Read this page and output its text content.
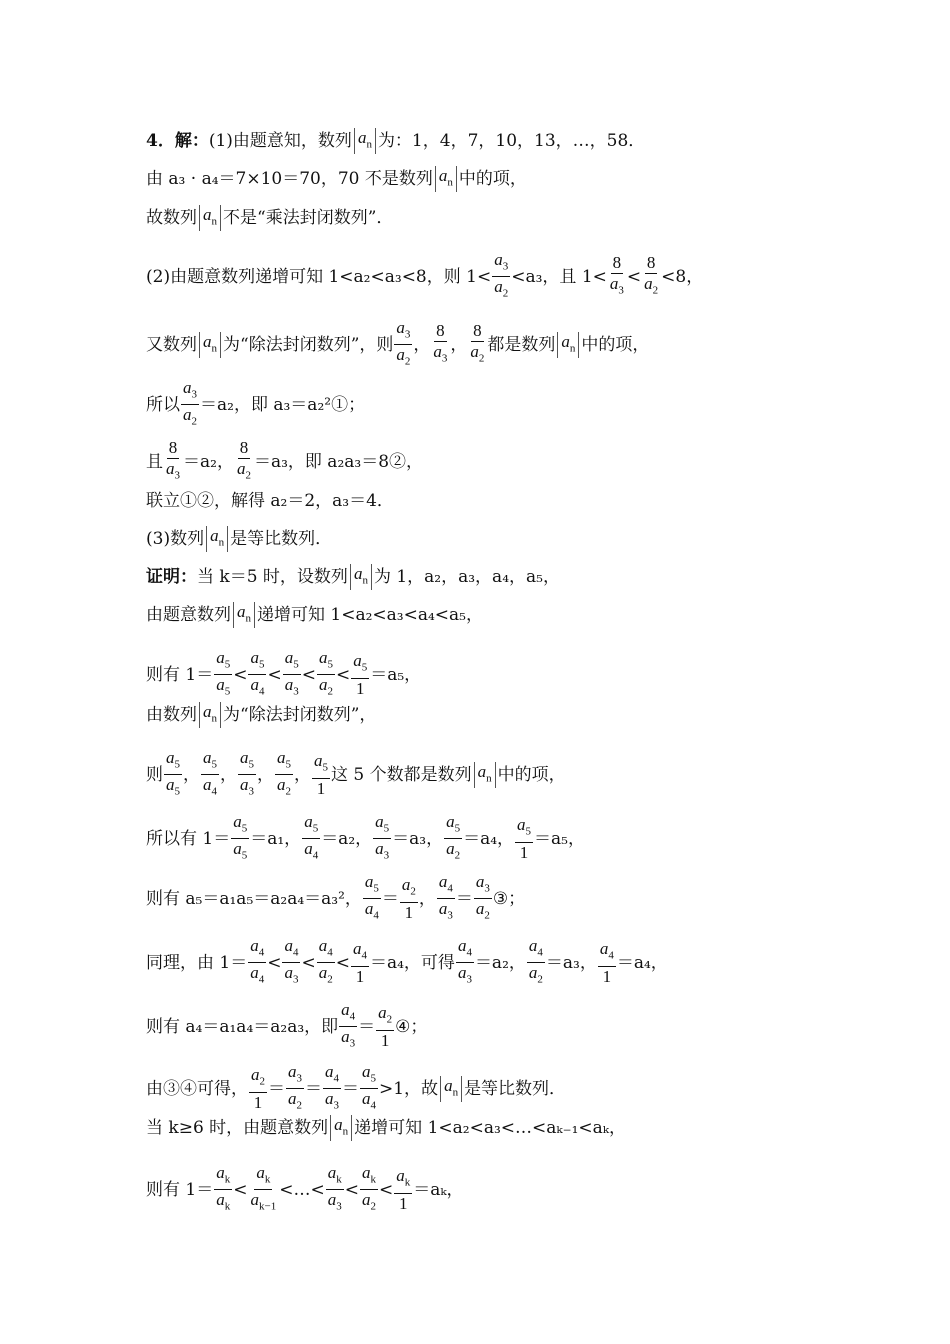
4． 解： (1)由题意知，数列 $a_n$ 为：1，4，7，10，13，…，58．
由 a₃ · a₄＝7×10＝70，70 不是数列 $a_n$ 中的项，
故数列 $a_n$ 不是“乘法封闭数列”．
(2)由题意数列递增可知 1<a₂<a₃<8，则 $1< \frac{a_3}{a_2} <a_3$，且 $1< \frac{8}{a_3} < \frac{8}{a_2} <8$，
又数列 $a_n$ 为“除法封闭数列”，则 $\frac{a_3}{a_2}$ ， $\frac{8}{a_3}$ ， $\frac{8}{a_2}$ 都是数列 $a_n$ 中的项，
所以 $\frac{a_3}{a_2} =a_2$，即 a₃＝a₂²①；
且 $\frac{8}{a_3} =a_2$， $\frac{8}{a_2} =a_3$，即 a₂a₃＝8②，
联立①②，解得 a₂＝2，a₃＝4．
(3)数列 $a_n$ 是等比数列．
证明： 当 k＝5 时，设数列 $a_n$ 为 1，a₂，a₃，a₄，a₅，
由题意数列 $a_n$ 递增可知 1<a₂<a₃<a₄<a₅，
则有 $1= \frac{a_5}{a_5} < \frac{a_5}{a_4} < \frac{a_5}{a_3} < \frac{a_5}{a_2} < \frac{a_5}{1} =a_5$，
由数列 $a_n$ 为“除法封闭数列”，
则 $\frac{a_5}{a_5}$ ， $\frac{a_5}{a_4}$ ， $\frac{a_5}{a_3}$ ， $\frac{a_5}{a_2}$ ， $\frac{a_5}{1}$ 这 5 个数都是数列 $a_n$ 中的项，
所以有 $1= \frac{a_5}{a_5} =a_1$， $\frac{a_5}{a_4} =a_2$， $\frac{a_5}{a_3} =a_3$， $\frac{a_5}{a_2} =a_4$， $\frac{a_5}{1} =a_5$，
则有 a₅＝a₁a₅＝a₂a₄＝a₃²， $\frac{a_5}{a_4} = \frac{a_2}{1}$ ， $\frac{a_4}{a_3} = \frac{a_3}{a_2}$ ③；
同理，由 $1= \frac{a_4}{a_4} < \frac{a_4}{a_3} < \frac{a_4}{a_2} < \frac{a_4}{1} =a_4$，可得 $\frac{a_4}{a_3} =a_2$， $\frac{a_4}{a_2} =a_3$， $\frac{a_4}{1} =a_4$，
则有 a₄＝a₁a₄＝a₂a₃，即 $\frac{a_4}{a_3} = \frac{a_2}{1}$ ④；
由③④可得， $\frac{a_2}{1} = \frac{a_3}{a_2} = \frac{a_4}{a_3} = \frac{a_5}{a_4} >1$，故 $a_n$ 是等比数列．
当 k≥6 时，由题意数列 $a_n$ 递增可知 1<a₂<a₃<…<aₖ₋₁<aₖ，
则有 $1= \frac{a_k}{a_k} < \frac{a_k}{a_{k-1}}$ <…< $\frac{a_k}{a_3} < \frac{a_k}{a_2} < \frac{a_k}{1} =a_k$，
